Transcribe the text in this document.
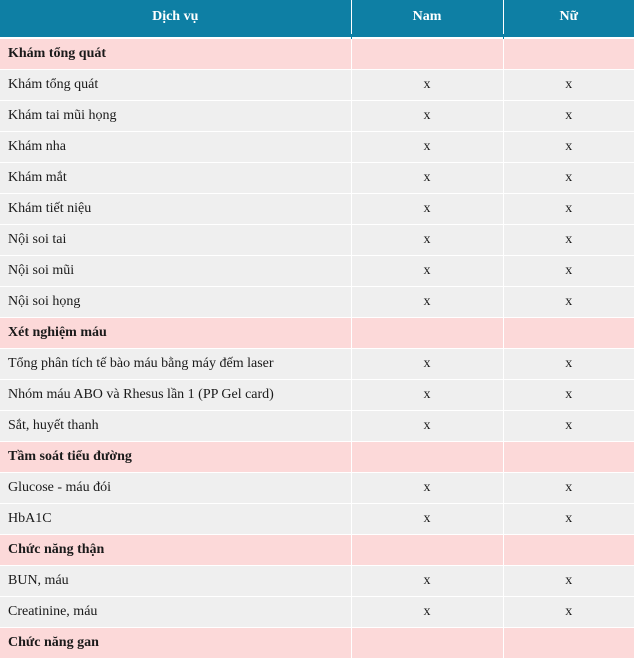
Dịch vụ	Nam	Nữ
Khám tổng quát		
Khám tổng quát	x	x
Khám tai mũi họng	x	x
Khám nha	x	x
Khám mắt	x	x
Khám tiết niệu	x	x
Nội soi tai	x	x
Nội soi mũi	x	x
Nội soi họng	x	x
Xét nghiệm máu		
Tổng phân tích tế bào máu bằng máy đếm laser	x	x
Nhóm máu ABO và Rhesus lần 1 (PP Gel card)	x	x
Sắt, huyết thanh	x	x
Tầm soát tiểu đường		
Glucose - máu đói	x	x
HbA1C	x	x
Chức năng thận		
BUN, máu	x	x
Creatinine, máu	x	x
Chức năng gan		
